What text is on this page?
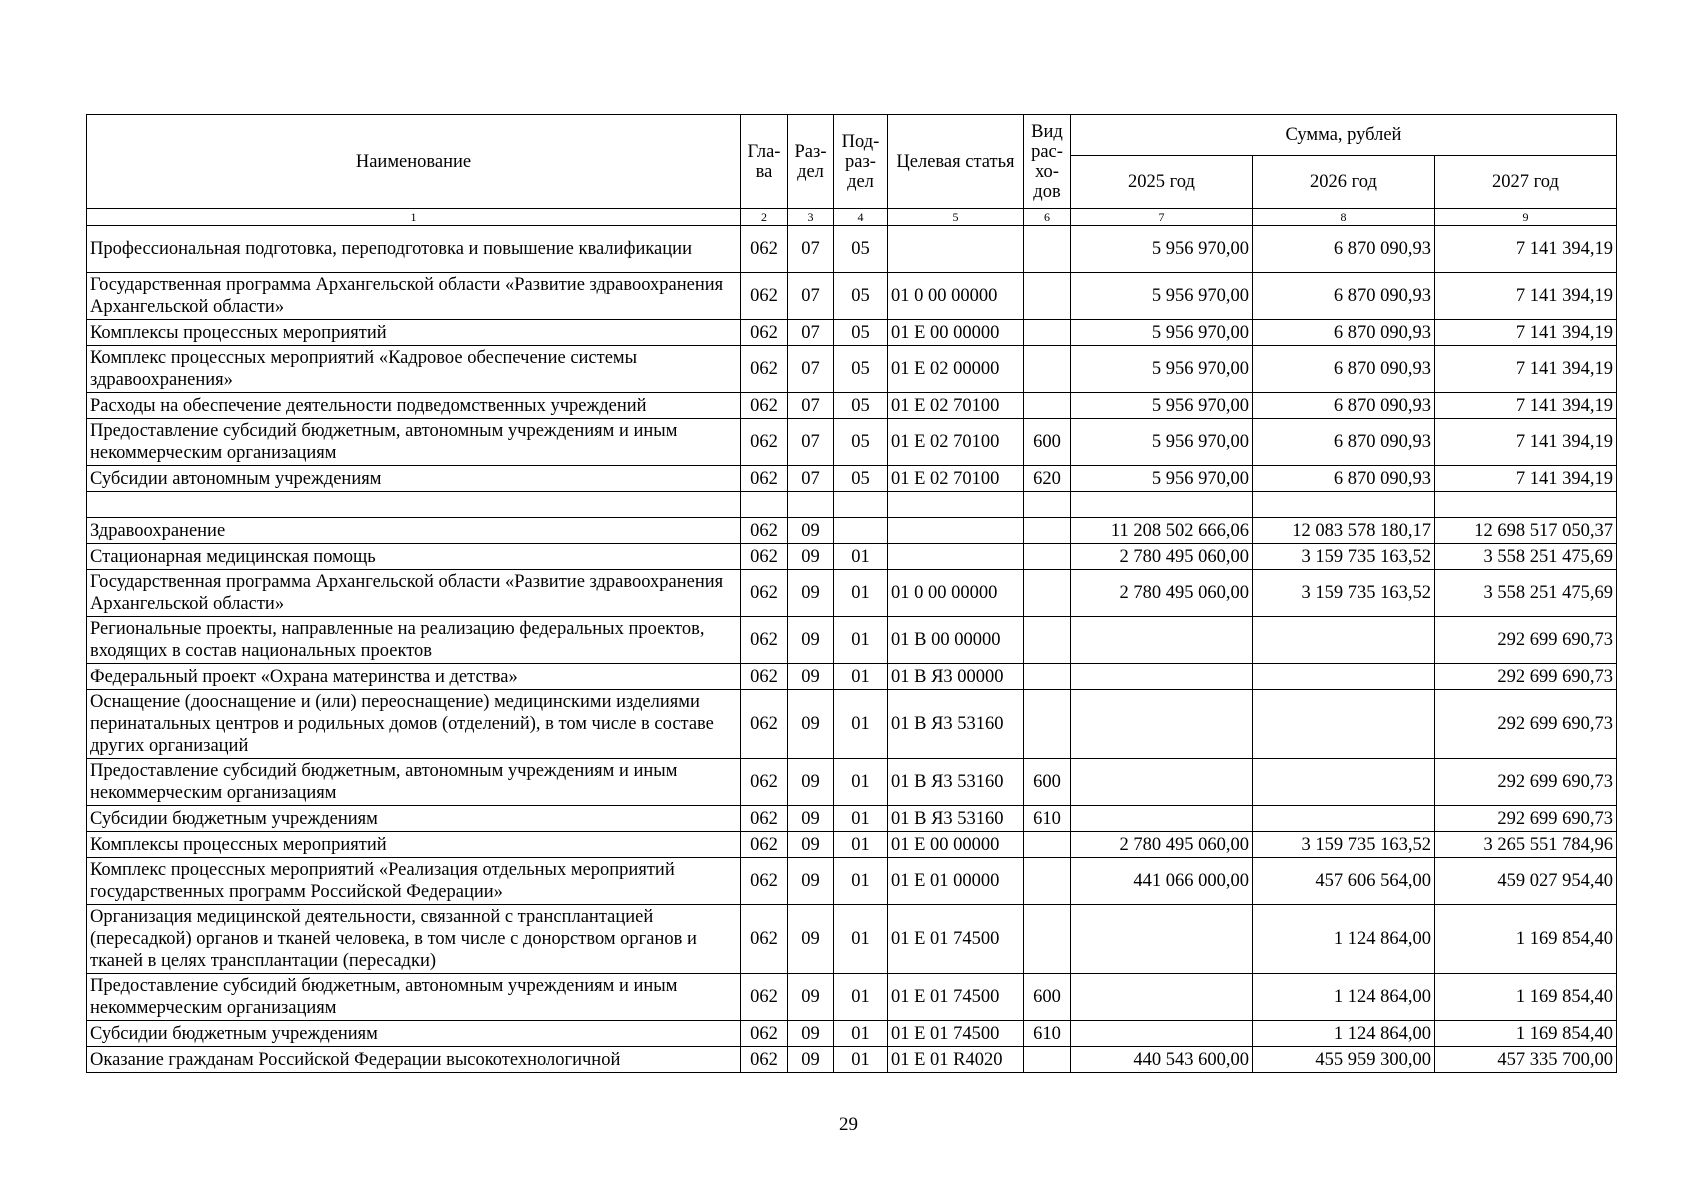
Наименование	Гла-ва	Раз-дел	Под-раз-дел	Целевая статья	Вид рас-хо-дов	Сумма, рублей		
						2025 год	2026 год	2027 год
1	2	3	4	5	6	7	8	9
Профессиональная подготовка, переподготовка и повышение квалификации	062	07	05			5 956 970,00	6 870 090,93	7 141 394,19
Государственная программа Архангельской области «Развитие здравоохранения Архангельской области»	062	07	05	01 0 00 00000		5 956 970,00	6 870 090,93	7 141 394,19
Комплексы процессных мероприятий	062	07	05	01 Е 00 00000		5 956 970,00	6 870 090,93	7 141 394,19
Комплекс процессных мероприятий «Кадровое обеспечение системы здравоохранения»	062	07	05	01 Е 02 00000		5 956 970,00	6 870 090,93	7 141 394,19
Расходы на обеспечение деятельности подведомственных учреждений	062	07	05	01 Е 02 70100		5 956 970,00	6 870 090,93	7 141 394,19
Предоставление субсидий бюджетным, автономным учреждениям и иным некоммерческим организациям	062	07	05	01 Е 02 70100	600	5 956 970,00	6 870 090,93	7 141 394,19
Субсидии автономным учреждениям	062	07	05	01 Е 02 70100	620	5 956 970,00	6 870 090,93	7 141 394,19

Здравоохранение	062	09				11 208 502 666,06	12 083 578 180,17	12 698 517 050,37
Стационарная медицинская помощь	062	09	01			2 780 495 060,00	3 159 735 163,52	3 558 251 475,69
Государственная программа Архангельской области «Развитие здравоохранения Архангельской области»	062	09	01	01 0 00 00000		2 780 495 060,00	3 159 735 163,52	3 558 251 475,69
Региональные проекты, направленные на реализацию федеральных проектов, входящих в состав национальных проектов	062	09	01	01 В 00 00000				292 699 690,73
Федеральный проект «Охрана материнства и детства»	062	09	01	01 В Я3 00000				292 699 690,73
Оснащение (дооснащение и (или) переоснащение) медицинскими изделиями перинатальных центров и родильных домов (отделений), в том числе в составе других организаций	062	09	01	01 В Я3 53160				292 699 690,73
Предоставление субсидий бюджетным, автономным учреждениям и иным некоммерческим организациям	062	09	01	01 В Я3 53160	600			292 699 690,73
Субсидии бюджетным учреждениям	062	09	01	01 В Я3 53160	610			292 699 690,73
Комплексы процессных мероприятий	062	09	01	01 Е 00 00000		2 780 495 060,00	3 159 735 163,52	3 265 551 784,96
Комплекс процессных мероприятий «Реализация отдельных мероприятий государственных программ Российской Федерации»	062	09	01	01 Е 01 00000		441 066 000,00	457 606 564,00	459 027 954,40
Организация медицинской деятельности, связанной с трансплантацией (пересадкой) органов и тканей человека, в том числе с донорством органов и тканей в целях трансплантации (пересадки)	062	09	01	01 Е 01 74500			1 124 864,00	1 169 854,40
Предоставление субсидий бюджетным, автономным учреждениям и иным некоммерческим организациям	062	09	01	01 Е 01 74500	600		1 124 864,00	1 169 854,40
Субсидии бюджетным учреждениям	062	09	01	01 Е 01 74500	610		1 124 864,00	1 169 854,40
Оказание гражданам Российской Федерации высокотехнологичной	062	09	01	01 Е 01 R4020		440 543 600,00	455 959 300,00	457 335 700,00
29
